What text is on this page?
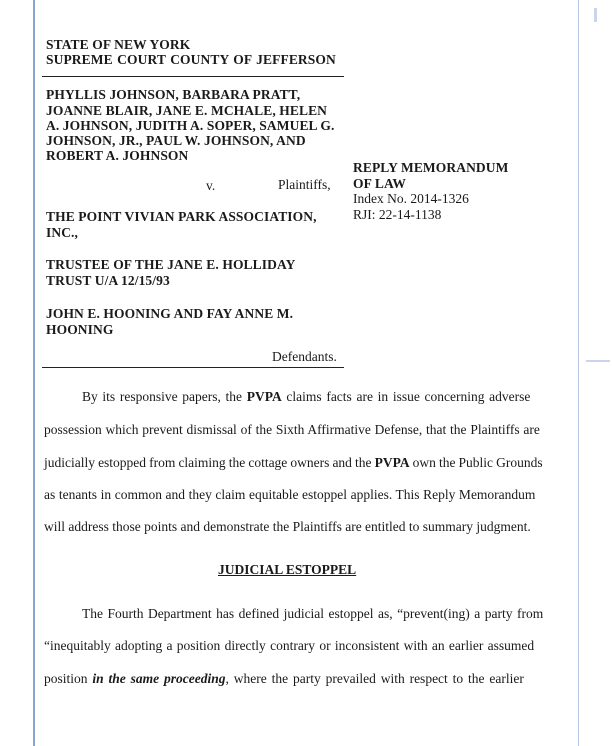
STATE OF NEW YORK
SUPREME COURT COUNTY OF JEFFERSON
PHYLLIS JOHNSON, BARBARA PRATT,
JOANNE BLAIR, JANE E. MCHALE, HELEN
A. JOHNSON, JUDITH A. SOPER, SAMUEL G.
JOHNSON, JR., PAUL W. JOHNSON, AND
ROBERT A. JOHNSON
v.	Plaintiffs,
REPLY MEMORANDUM
OF LAW
Index No. 2014-1326
RJI: 22-14-1138
THE POINT VIVIAN PARK ASSOCIATION,
INC.,
TRUSTEE OF THE JANE E. HOLLIDAY
TRUST U/A 12/15/93
JOHN E. HOONING AND FAY ANNE M.
HOONING
Defendants.
By its responsive papers, the PVPA claims facts are in issue concerning adverse
possession which prevent dismissal of the Sixth Affirmative Defense, that the Plaintiffs are
judicially estopped from claiming the cottage owners and the PVPA own the Public Grounds
as tenants in common and they claim equitable estoppel applies. This Reply Memorandum
will address those points and demonstrate the Plaintiffs are entitled to summary judgment.
JUDICIAL ESTOPPEL
The Fourth Department has defined judicial estoppel as, “prevent(ing) a party from
“inequitably adopting a position directly contrary or inconsistent with an earlier assumed
position in the same proceeding, where the party prevailed with respect to the earlier
